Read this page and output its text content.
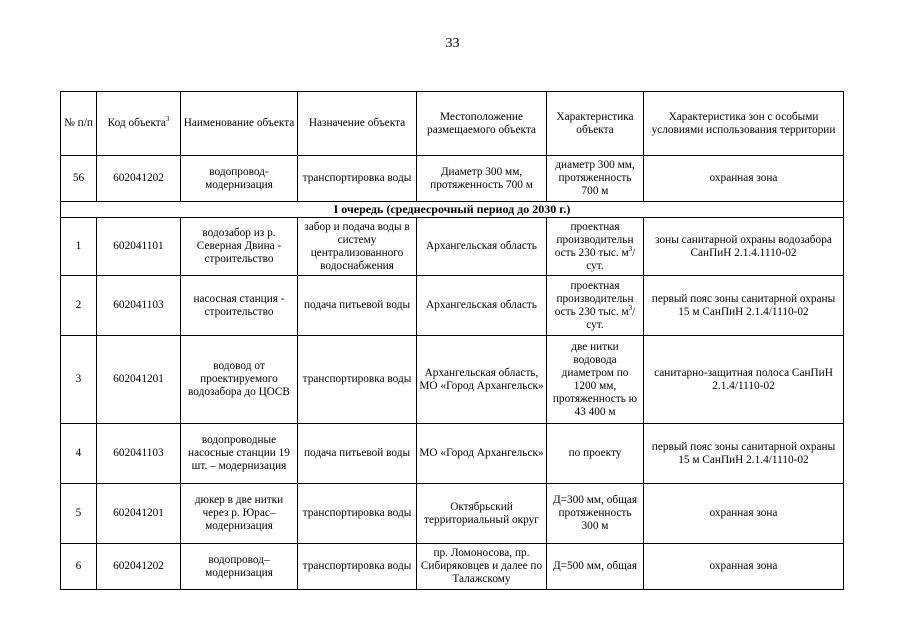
33
№ п/п	Код объекта$^3$	Наименование объекта	Назначение объекта	Местоположение размещаемого объекта	Характеристика объекта	Характеристика зон с особыми условиями использования территории
56	602041202	водопровод-модернизация	транспортировка воды	Диаметр 300 мм, протяженность 700 м	диаметр 300 мм, протяженность 700 м	охранная зона
I очередь (среднесрочный период до 2030 г.)						
1	602041101	водозабор из р. Северная Двина - строительство	забор и подача воды в систему централизованного водоснабжения	Архангельская область	проектная производительн ость 230 тыс. $м^3$/сут.	зоны санитарной охраны водозабора СанПиН 2.1.4.1110-02
2	602041103	насосная станция - строительство	подача питьевой воды	Архангельская область	проектная производительн ость 230 тыс. $м^3$/сут.	первый пояс зоны санитарной охраны 15 м СанПиН 2.1.4/1110-02
3	602041201	водовод от проектируемого водозабора до ЦОСВ	транспортировка воды	Архангельская область, МО «Город Архангельск»	две нитки водовода диаметром по 1200 мм, протяженность ю 43 400 м	санитарно-защитная полоса СанПиН 2.1.4/1110-02
4	602041103	водопроводные насосные станции 19 шт. – модернизация	подача питьевой воды	МО «Город Архангельск»	по проекту	первый пояс зоны санитарной охраны 15 м СанПиН 2.1.4/1110-02
5	602041201	дюкер в две нитки через р. Юрас– модернизация	транспортировка воды	Октябрьский территориальный округ	Д=300 мм, общая протяженность 300 м	охранная зона
6	602041202	водопровод– модернизация	транспортировка воды	пр. Ломоносова, пр. Сибиряковцев и далее по Талажскому	Д=500 мм, общая	охранная зона
